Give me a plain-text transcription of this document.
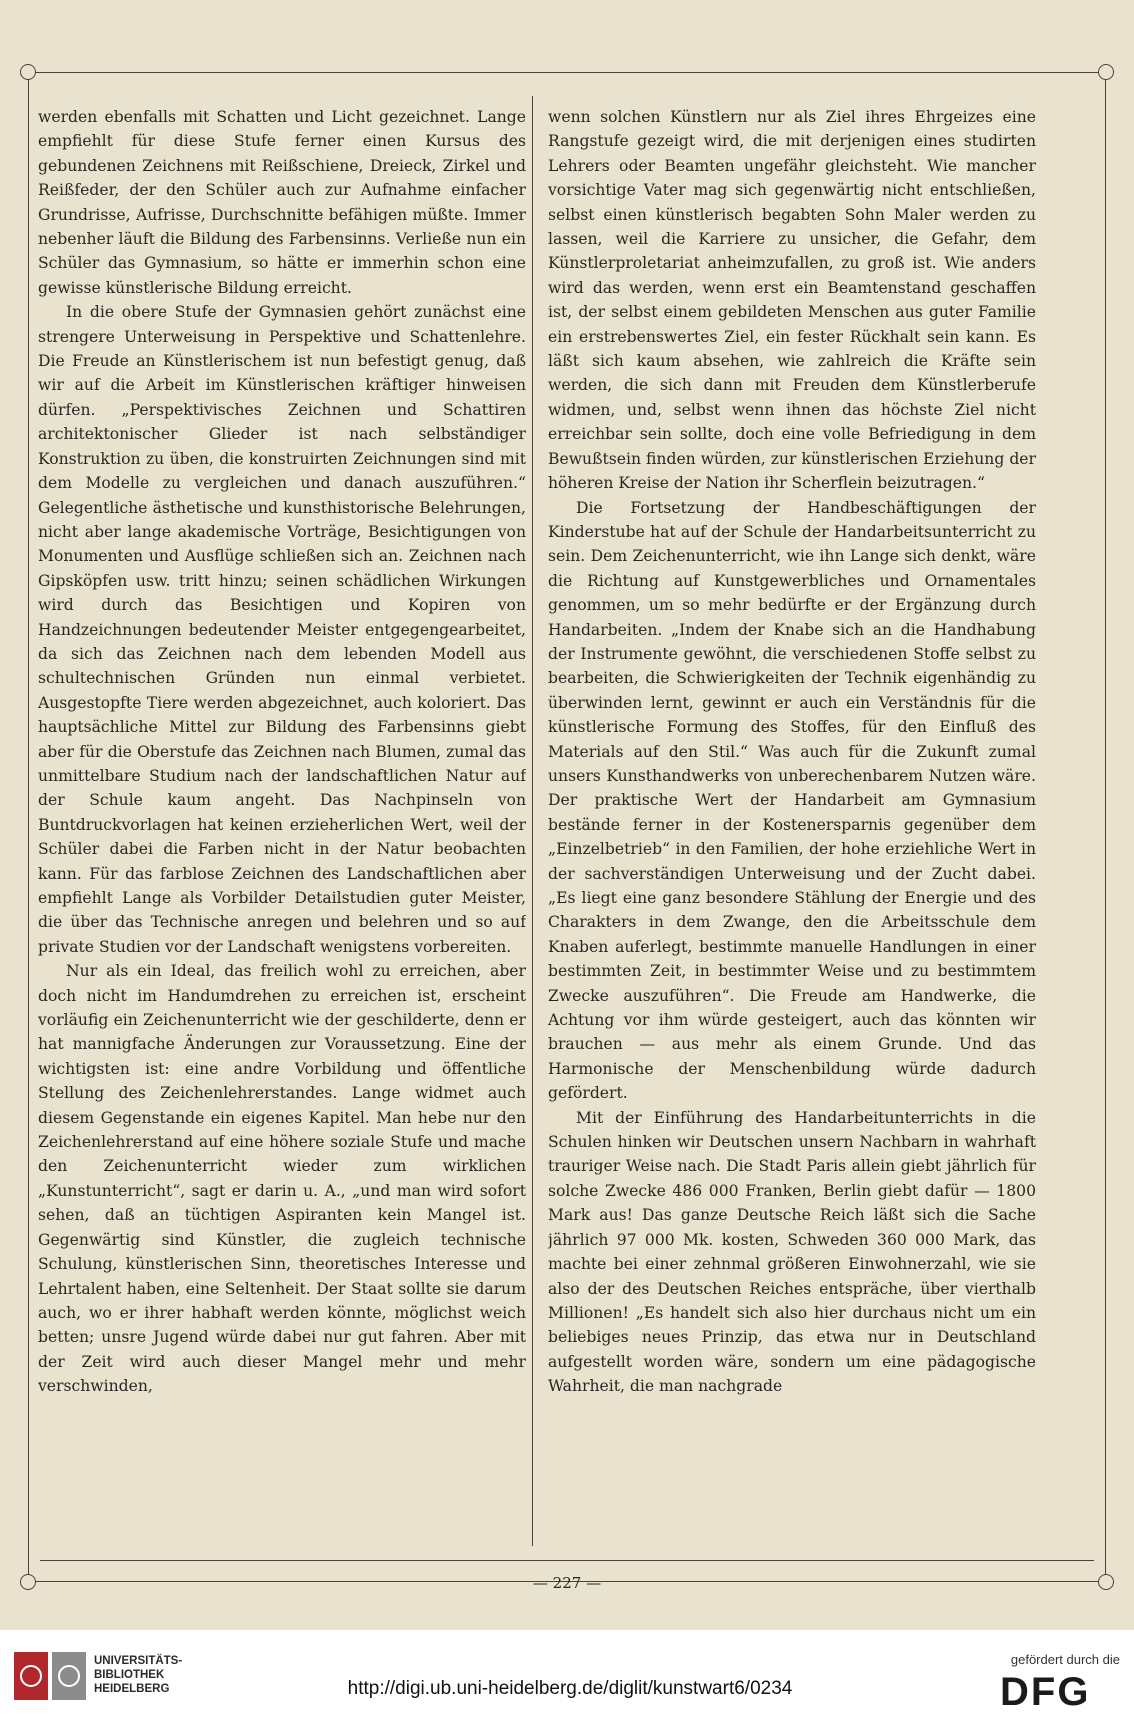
werden ebenfalls mit Schatten und Licht gezeichnet. Lange empfiehlt für diese Stufe ferner einen Kursus des gebundenen Zeichnens mit Reißschiene, Dreieck, Zirkel und Reißfeder, der den Schüler auch zur Aufnahme einfacher Grundrisse, Aufrisse, Durchschnitte befähigen müßte. Immer nebenher läuft die Bildung des Farbensinns. Verließe nun ein Schüler das Gymnasium, so hätte er immerhin schon eine gewisse künstlerische Bildung erreicht.

In die obere Stufe der Gymnasien gehört zunächst eine strengere Unterweisung in Perspektive und Schattenlehre. Die Freude an Künstlerischem ist nun befestigt genug, daß wir auf die Arbeit im Künstlerischen kräftiger hinweisen dürfen. „Perspektivisches Zeichnen und Schattiren architektonischer Glieder ist nach selbständiger Konstruktion zu üben, die konstruirten Zeichnungen sind mit dem Modelle zu vergleichen und danach auszuführen.“ Gelegentliche ästhetische und kunsthistorische Belehrungen, nicht aber lange akademische Vorträge, Besichtigungen von Monumenten und Ausflüge schließen sich an. Zeichnen nach Gipsköpfen usw. tritt hinzu; seinen schädlichen Wirkungen wird durch das Besichtigen und Kopiren von Handzeichnungen bedeutender Meister entgegengearbeitet, da sich das Zeichnen nach dem lebenden Modell aus schultechnischen Gründen nun einmal verbietet. Ausgestopfte Tiere werden abgezeichnet, auch koloriert. Das hauptsächliche Mittel zur Bildung des Farbensinns giebt aber für die Oberstufe das Zeichnen nach Blumen, zumal das unmittelbare Studium nach der landschaftlichen Natur auf der Schule kaum angeht. Das Nachpinseln von Buntdruckvorlagen hat keinen erzieherlichen Wert, weil der Schüler dabei die Farben nicht in der Natur beobachten kann. Für das farblose Zeichnen des Landschaftlichen aber empfiehlt Lange als Vorbilder Detailstudien guter Meister, die über das Technische anregen und belehren und so auf private Studien vor der Landschaft wenigstens vorbereiten.

Nur als ein Ideal, das freilich wohl zu erreichen, aber doch nicht im Handumdrehen zu erreichen ist, erscheint vorläufig ein Zeichenunterricht wie der geschilderte, denn er hat mannigfache Änderungen zur Voraussetzung. Eine der wichtigsten ist: eine andre Vorbildung und öffentliche Stellung des Zeichenlehrerstandes. Lange widmet auch diesem Gegenstande ein eigenes Kapitel. Man hebe nur den Zeichenlehrerstand auf eine höhere soziale Stufe und mache den Zeichenunterricht wieder zum wirklichen „Kunstunterricht“, sagt er darin u. A., „und man wird sofort sehen, daß an tüchtigen Aspiranten kein Mangel ist. Gegenwärtig sind Künstler, die zugleich technische Schulung, künstlerischen Sinn, theoretisches Interesse und Lehrtalent haben, eine Seltenheit. Der Staat sollte sie darum auch, wo er ihrer habhaft werden könnte, möglichst weich betten; unsre Jugend würde dabei nur gut fahren. Aber mit der Zeit wird auch dieser Mangel mehr und mehr verschwinden,

wenn solchen Künstlern nur als Ziel ihres Ehrgeizes eine Rangstufe gezeigt wird, die mit derjenigen eines studirten Lehrers oder Beamten ungefähr gleichsteht. Wie mancher vorsichtige Vater mag sich gegenwärtig nicht entschließen, selbst einen künstlerisch begabten Sohn Maler werden zu lassen, weil die Karriere zu unsicher, die Gefahr, dem Künstlerproletariat anheimzufallen, zu groß ist. Wie anders wird das werden, wenn erst ein Beamtenstand geschaffen ist, der selbst einem gebildeten Menschen aus guter Familie ein erstrebenswertes Ziel, ein fester Rückhalt sein kann. Es läßt sich kaum absehen, wie zahlreich die Kräfte sein werden, die sich dann mit Freuden dem Künstlerberufe widmen, und, selbst wenn ihnen das höchste Ziel nicht erreichbar sein sollte, doch eine volle Befriedigung in dem Bewußtsein finden würden, zur künstlerischen Erziehung der höheren Kreise der Nation ihr Scherflein beizutragen.“

Die Fortsetzung der Handbeschäftigungen der Kinderstube hat auf der Schule der Handarbeitsunterricht zu sein. Dem Zeichenunterricht, wie ihn Lange sich denkt, wäre die Richtung auf Kunstgewerbliches und Ornamentales genommen, um so mehr bedürfte er der Ergänzung durch Handarbeiten. „Indem der Knabe sich an die Handhabung der Instrumente gewöhnt, die verschiedenen Stoffe selbst zu bearbeiten, die Schwierigkeiten der Technik eigenhändig zu überwinden lernt, gewinnt er auch ein Verständnis für die künstlerische Formung des Stoffes, für den Einfluß des Materials auf den Stil.“ Was auch für die Zukunft zumal unsers Kunsthandwerks von unberechenbarem Nutzen wäre. Der praktische Wert der Handarbeit am Gymnasium bestände ferner in der Kostenersparnis gegenüber dem „Einzelbetrieb“ in den Familien, der hohe erziehliche Wert in der sachverständigen Unterweisung und der Zucht dabei. „Es liegt eine ganz besondere Stählung der Energie und des Charakters in dem Zwange, den die Arbeitsschule dem Knaben auferlegt, bestimmte manuelle Handlungen in einer bestimmten Zeit, in bestimmter Weise und zu bestimmtem Zwecke auszuführen“. Die Freude am Handwerke, die Achtung vor ihm würde gesteigert, auch das könnten wir brauchen — aus mehr als einem Grunde. Und das Harmonische der Menschenbildung würde dadurch gefördert.

Mit der Einführung des Handarbeitunterrichts in die Schulen hinken wir Deutschen unsern Nachbarn in wahrhaft trauriger Weise nach. Die Stadt Paris allein giebt jährlich für solche Zwecke 486 000 Franken, Berlin giebt dafür — 1800 Mark aus! Das ganze Deutsche Reich läßt sich die Sache jährlich 97 000 Mk. kosten, Schweden 360 000 Mark, das machte bei einer zehnmal größeren Einwohnerzahl, wie sie also der des Deutschen Reiches entspräche, über vierthalb Millionen! „Es handelt sich also hier durchaus nicht um ein beliebiges neues Prinzip, das etwa nur in Deutschland aufgestellt worden wäre, sondern um eine pädagogische Wahrheit, die man nachgrade

— 227 —
UNIVERSITÄTS-
BIBLIOTHEK
HEIDELBERG	http://digi.ub.uni-heidelberg.de/diglit/kunstwart6/0234
gefördert durch die
DFG
